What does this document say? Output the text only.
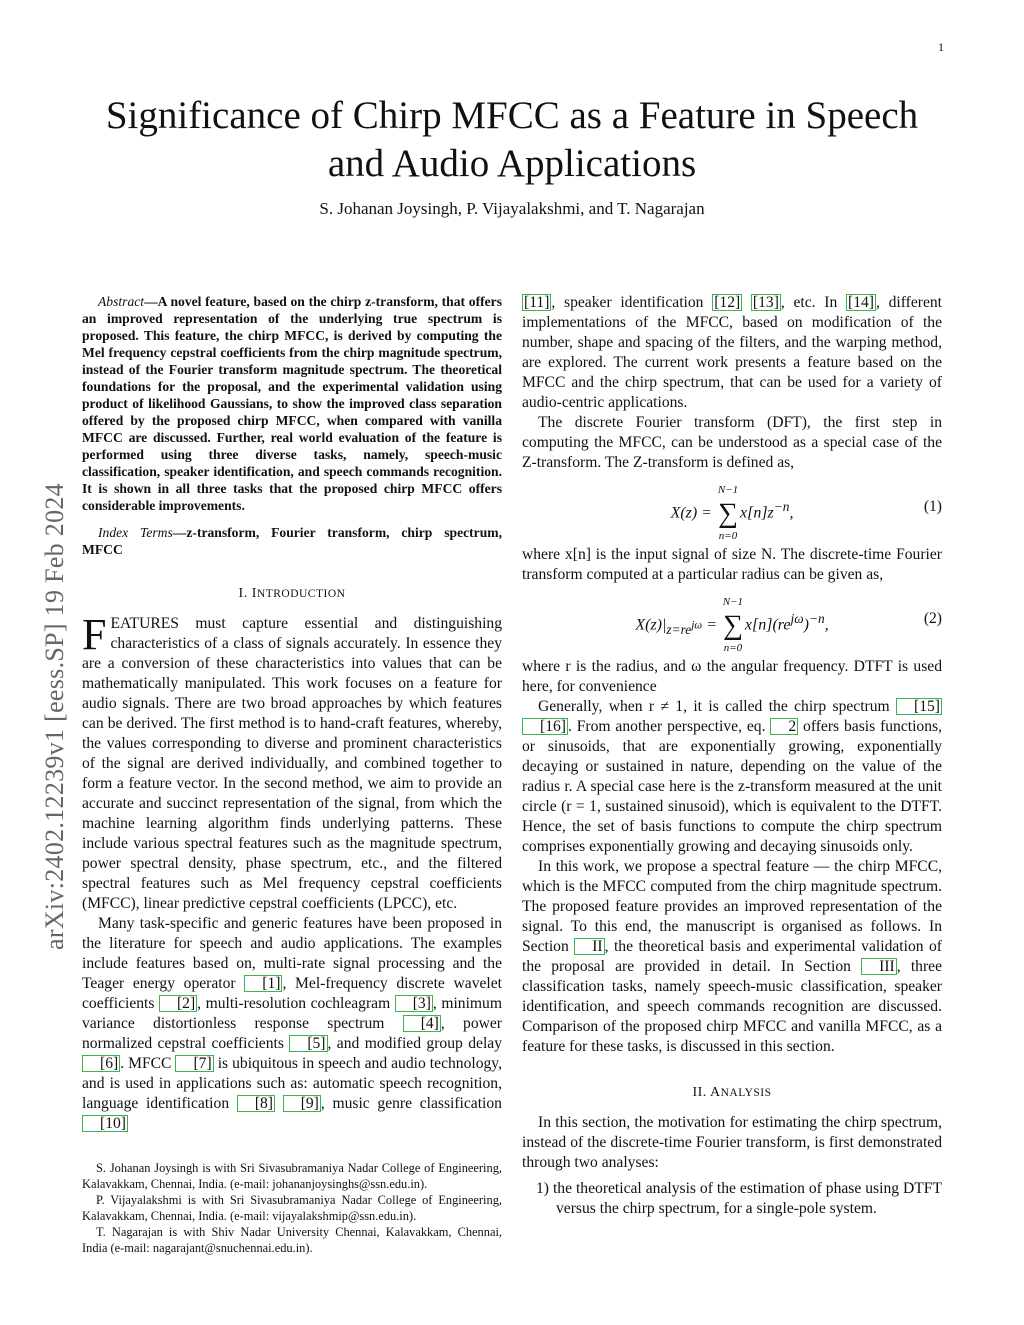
1
arXiv:2402.12239v1 [eess.SP] 19 Feb 2024
Significance of Chirp MFCC as a Feature in Speech and Audio Applications
S. Johanan Joysingh, P. Vijayalakshmi, and T. Nagarajan

Abstract—A novel feature, based on the chirp z-transform, that offers an improved representation of the underlying true spectrum is proposed. This feature, the chirp MFCC, is derived by computing the Mel frequency cepstral coefficients from the chirp magnitude spectrum, instead of the Fourier transform magnitude spectrum. The theoretical foundations for the proposal, and the experimental validation using product of likelihood Gaussians, to show the improved class separation offered by the proposed chirp MFCC, when compared with vanilla MFCC are discussed. Further, real world evaluation of the feature is performed using three diverse tasks, namely, speech-music classification, speaker identification, and speech commands recognition. It is shown in all three tasks that the proposed chirp MFCC offers considerable improvements.

Index Terms—z-transform, Fourier transform, chirp spectrum, MFCC

I. INTRODUCTION

FEATURES must capture essential and distinguishing characteristics of a class of signals accurately. In essence they are a conversion of these characteristics into values that can be mathematically manipulated. This work focuses on a feature for audio signals. There are two broad approaches by which features can be derived. The first method is to hand-craft features, whereby, the values corresponding to diverse and prominent characteristics of the signal are derived individually, and combined together to form a feature vector. In the second method, we aim to provide an accurate and succinct representation of the signal, from which the machine learning algorithm finds underlying patterns. These include various spectral features such as the magnitude spectrum, power spectral density, phase spectrum, etc., and the filtered spectral features such as Mel frequency cepstral coefficients (MFCC), linear predictive cepstral coefficients (LPCC), etc.

Many task-specific and generic features have been proposed in the literature for speech and audio applications. The examples include features based on, multi-rate signal processing and the Teager energy operator [1] , Mel-frequency discrete wavelet coefficients [2] , multi-resolution cochleagram [3] , minimum variance distortionless response spectrum [4] , power normalized cepstral coefficients [5] , and modified group delay [6] . MFCC [7] is ubiquitous in speech and audio technology, and is used in applications such as: automatic speech recognition, language identification [8] [9] , music genre classification [10]

S. Johanan Joysingh is with Sri Sivasubramaniya Nadar College of Engineering, Kalavakkam, Chennai, India. (e-mail: johananjoysinghs@ssn.edu.in).

P. Vijayalakshmi is with Sri Sivasubramaniya Nadar College of Engineering, Kalavakkam, Chennai, India. (e-mail: vijayalakshmip@ssn.edu.in).

T. Nagarajan is with Shiv Nadar University Chennai, Kalavakkam, Chennai, India (e-mail: nagarajant@snuchennai.edu.in).

[11] , speaker identification [12] [13] , etc. In [14] , different implementations of the MFCC, based on modification of the number, shape and spacing of the filters, and the warping method, are explored. The current work presents a feature based on the MFCC and the chirp spectrum, that can be used for a variety of audio-centric applications.

The discrete Fourier transform (DFT), the first step in computing the MFCC, can be understood as a special case of the Z-transform. The Z-transform is defined as,

X(z) =
N−1
∑
n=0
$x[n]z^{-n}$,	(1)

where x[n] is the input signal of size N. The discrete-time Fourier transform computed at a particular radius can be given as,

$X(z)|_{z=re^{j\omega}}$ =
N−1
∑
n=0
$x[n](re^{j\omega})^{-n}$,	(2)

where r is the radius, and ω the angular frequency. DTFT is used here, for convenience

Generally, when r ≠ 1, it is called the chirp spectrum [15] [16] . From another perspective, eq. 2 offers basis functions, or sinusoids, that are exponentially growing, exponentially decaying or sustained in nature, depending on the value of the radius r. A special case here is the z-transform measured at the unit circle (r = 1, sustained sinusoid), which is equivalent to the DTFT. Hence, the set of basis functions to compute the chirp spectrum comprises exponentially growing and decaying sinusoids only.

In this work, we propose a spectral feature — the chirp MFCC, which is the MFCC computed from the chirp magnitude spectrum. The proposed feature provides an improved representation of the signal. To this end, the manuscript is organised as follows. In Section II , the theoretical basis and experimental validation of the proposal are provided in detail. In Section III , three classification tasks, namely speech-music classification, speaker identification, and speech commands recognition are discussed. Comparison of the proposed chirp MFCC and vanilla MFCC, as a feature for these tasks, is discussed in this section.

II. ANALYSIS

In this section, the motivation for estimating the chirp spectrum, instead of the discrete-time Fourier transform, is first demonstrated through two analyses:

1) the theoretical analysis of the estimation of phase using DTFT versus the chirp spectrum, for a single-pole system.
